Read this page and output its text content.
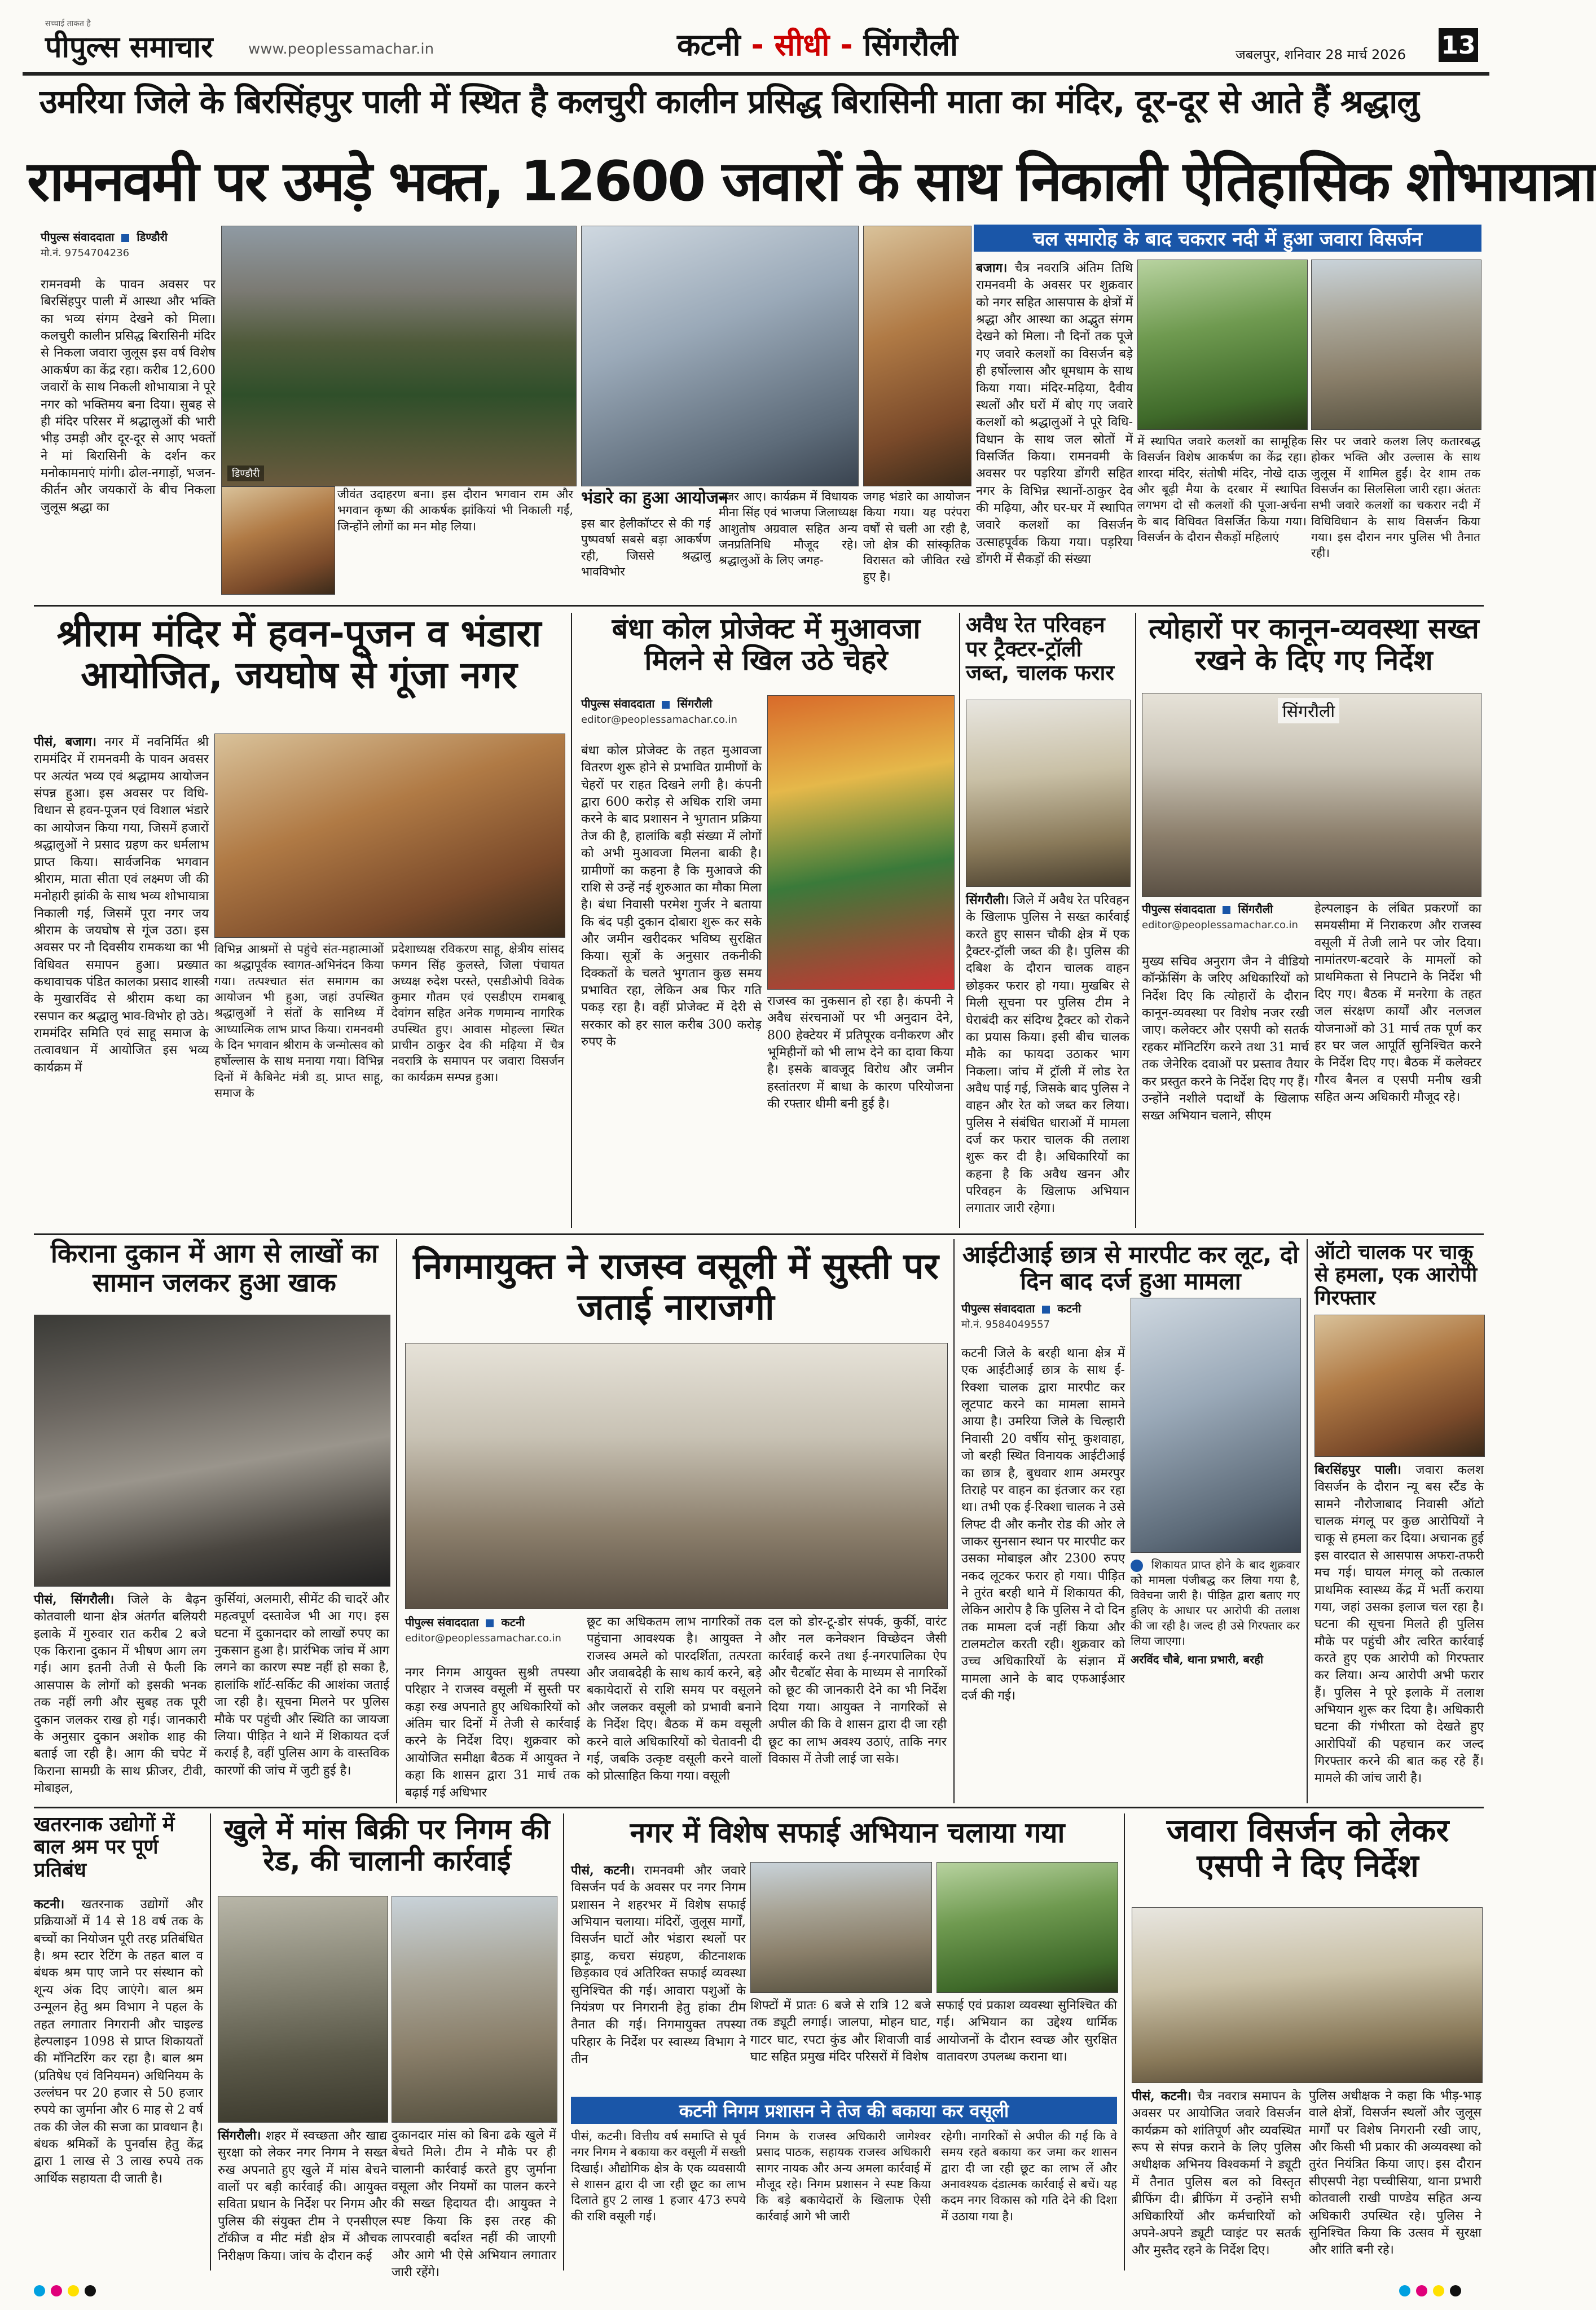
सच्चाई ताकत है
पीपुल्स समाचार www.peoplessamachar.in	कटनी - सीधी - सिंगरौली	जबलपुर, शनिवार 28 मार्च 2026 13
उमरिया जिले के बिरसिंहपुर पाली में स्थित है कलचुरी कालीन प्रसिद्ध बिरासिनी माता का मंदिर, दूर-दूर से आते हैं श्रद्धालु
रामनवमी पर उमड़े भक्त, 12600 जवारों के साथ निकाली ऐतिहासिक शोभायात्रा
पीपुल्स संवाददाता डिण्डौरी
मो.नं. 9754704236
रामनवमी के पावन अवसर पर बिरसिंहपुर पाली में आस्था और भक्ति का भव्य संगम देखने को मिला। कलचुरी कालीन प्रसिद्ध बिरासिनी मंदिर से निकला जवारा जुलूस इस वर्ष विशेष आकर्षण का केंद्र रहा। करीब 12,600 जवारों के साथ निकली शोभायात्रा ने पूरे नगर को भक्तिमय बना दिया। सुबह से ही मंदिर परिसर में श्रद्धालुओं की भारी भीड़ उमड़ी और दूर-दूर से आए भक्तों ने मां बिरासिनी के दर्शन कर मनोकामनाएं मांगी। ढोल-नगाड़ों, भजन-कीर्तन और जयकारों के बीच निकला जुलूस श्रद्धा का
डिण्डौरी
जीवंत उदाहरण बना। इस दौरान भगवान राम और भगवान कृष्ण की आकर्षक झांकियां भी निकाली गईं, जिन्होंने लोगों का मन मोह लिया।
भंडारे का हुआ आयोजन
इस बार हेलीकॉप्टर से की गई पुष्पवर्षा सबसे बड़ा आकर्षण रही, जिससे श्रद्धालु भावविभोर
नजर आए। कार्यक्रम में विधायक मीना सिंह एवं भाजपा जिलाध्यक्ष आशुतोष अग्रवाल सहित अन्य जनप्रतिनिधि मौजूद रहे। श्रद्धालुओं के लिए जगह-
जगह भंडारे का आयोजन किया गया। यह परंपरा वर्षों से चली आ रही है, जो क्षेत्र की सांस्कृतिक विरासत को जीवित रखे हुए है।
चल समारोह के बाद चकरार नदी में हुआ जवारा विसर्जन
बजाग। चैत्र नवरात्रि अंतिम तिथि रामनवमी के अवसर पर शुक्रवार को नगर सहित आसपास के क्षेत्रों में श्रद्धा और आस्था का अद्भुत संगम देखने को मिला। नौ दिनों तक पूजे गए जवारे कलशों का विसर्जन बड़े ही हर्षोल्लास और धूमधाम के साथ किया गया। मंदिर-मढ़िया, दैवीय स्थलों और घरों में बोए गए जवारे कलशों को श्रद्धालुओं ने पूरे विधि-विधान के साथ जल स्रोतों में विसर्जित किया। रामनवमी के अवसर पर पड़रिया डोंगरी सहित नगर के विभिन्न स्थानों-ठाकुर देव की मढ़िया, और घर-घर में स्थापित जवारे कलशों का विसर्जन उत्साहपूर्वक किया गया। पड़रिया डोंगरी में सैकड़ों की संख्या
में स्थापित जवारे कलशों का सामूहिक विसर्जन विशेष आकर्षण का केंद्र रहा। शारदा मंदिर, संतोषी मंदिर, नोखे दाऊ और बूढ़ी मैया के दरबार में स्थापित लगभग दो सौ कलशों की पूजा-अर्चना के बाद विधिवत विसर्जित किया गया। विसर्जन के दौरान सैकड़ों महिलाएं
सिर पर जवारे कलश लिए कतारबद्ध होकर भक्ति और उल्लास के साथ जुलूस में शामिल हुईं। देर शाम तक विसर्जन का सिलसिला जारी रहा। अंततः सभी जवारे कलशों का चकरार नदी में विधिविधान के साथ विसर्जन किया गया। इस दौरान नगर पुलिस भी तैनात रही।
श्रीराम मंदिर में हवन-पूजन व भंडारा आयोजित, जयघोष से गूंजा नगर
पीसं, बजाग। नगर में नवनिर्मित श्री राममंदिर में रामनवमी के पावन अवसर पर अत्यंत भव्य एवं श्रद्धामय आयोजन संपन्न हुआ। इस अवसर पर विधि-विधान से हवन-पूजन एवं विशाल भंडारे का आयोजन किया गया, जिसमें हजारों श्रद्धालुओं ने प्रसाद ग्रहण कर धर्मलाभ प्राप्त किया। सार्वजनिक भगवान श्रीराम, माता सीता एवं लक्ष्मण जी की मनोहारी झांकी के साथ भव्य शोभायात्रा निकाली गई, जिसमें पूरा नगर जय श्रीराम के जयघोष से गूंज उठा। इस अवसर पर नौ दिवसीय रामकथा का भी विधिवत समापन हुआ। प्रख्यात कथावाचक पंडित कालका प्रसाद शास्त्री के मुखारविंद से श्रीराम कथा का रसपान कर श्रद्धालु भाव-विभोर हो उठे। राममंदिर समिति एवं साहू समाज के तत्वावधान में आयोजित इस भव्य कार्यक्रम में
विभिन्न आश्रमों से पहुंचे संत-महात्माओं का श्रद्धापूर्वक स्वागत-अभिनंदन किया गया। तत्पश्चात संत समागम का आयोजन भी हुआ, जहां उपस्थित श्रद्धालुओं ने संतों के सानिध्य में आध्यात्मिक लाभ प्राप्त किया। रामनवमी के दिन भगवान श्रीराम के जन्मोत्सव को हर्षोल्लास के साथ मनाया गया। विभिन्न दिनों में कैबिनेट मंत्री डा्. प्राप्त साहू, समाज के
प्रदेशाध्यक्ष रविकरण साहू, क्षेत्रीय सांसद फग्गन सिंह कुलस्ते, जिला पंचायत अध्यक्ष रुदेश परस्ते, एसडीओपी विवेक कुमार गौतम एवं एसडीएम रामबाबू देवांगन सहित अनेक गणमान्य नागरिक उपस्थित हुए। आवास मोहल्ला स्थित प्राचीन ठाकुर देव की मढ़िया में चैत्र नवरात्रि के समापन पर जवारा विसर्जन का कार्यक्रम सम्पन्न हुआ।
बंधा कोल प्रोजेक्ट में मुआवजा मिलने से खिल उठे चेहरे
पीपुल्स संवाददाता सिंगरौली
editor@peoplessamachar.co.in
बंधा कोल प्रोजेक्ट के तहत मुआवजा वितरण शुरू होने से प्रभावित ग्रामीणों के चेहरों पर राहत दिखने लगी है। कंपनी द्वारा 600 करोड़ से अधिक राशि जमा करने के बाद प्रशासन ने भुगतान प्रक्रिया तेज की है, हालांकि बड़ी संख्या में लोगों को अभी मुआवजा मिलना बाकी है। ग्रामीणों का कहना है कि मुआवजे की राशि से उन्हें नई शुरुआत का मौका मिला है। बंधा निवासी परमेश गुर्जर ने बताया कि बंद पड़ी दुकान दोबारा शुरू कर सके और जमीन खरीदकर भविष्य सुरक्षित किया। सूत्रों के अनुसार तकनीकी दिक्कतों के चलते भुगतान कुछ समय प्रभावित रहा, लेकिन अब फिर गति पकड़ रहा है। वहीं प्रोजेक्ट में देरी से सरकार को हर साल करीब 300 करोड़ रुपए के
राजस्व का नुकसान हो रहा है। कंपनी ने अवैध संरचनाओं पर भी अनुदान देने, 800 हेक्टेयर में प्रतिपूरक वनीकरण और भूमिहीनों को भी लाभ देने का दावा किया है। इसके बावजूद विरोध और जमीन हस्तांतरण में बाधा के कारण परियोजना की रफ्तार धीमी बनी हुई है।
अवैध रेत परिवहन पर ट्रैक्टर-ट्रॉली जब्त, चालक फरार
सिंगरौली। जिले में अवैध रेत परिवहन के खिलाफ पुलिस ने सख्त कार्रवाई करते हुए सासन चौकी क्षेत्र में एक ट्रैक्टर-ट्रॉली जब्त की है। पुलिस की दबिश के दौरान चालक वाहन छोड़कर फरार हो गया। मुखबिर से मिली सूचना पर पुलिस टीम ने घेराबंदी कर संदिग्ध ट्रैक्टर को रोकने का प्रयास किया। इसी बीच चालक मौके का फायदा उठाकर भाग निकला। जांच में ट्रॉली में लोड रेत अवैध पाई गई, जिसके बाद पुलिस ने वाहन और रेत को जब्त कर लिया। पुलिस ने संबंधित धाराओं में मामला दर्ज कर फरार चालक की तलाश शुरू कर दी है। अधिकारियों का कहना है कि अवैध खनन और परिवहन के खिलाफ अभियान लगातार जारी रहेगा।
त्योहारों पर कानून-व्यवस्था सख्त रखने के दिए गए निर्देश
सिंगरौली
पीपुल्स संवाददाता सिंगरौली
editor@peoplessamachar.co.in
मुख्य सचिव अनुराग जैन ने वीडियो कॉन्फ्रेंसिंग के जरिए अधिकारियों को निर्देश दिए कि त्योहारों के दौरान कानून-व्यवस्था पर विशेष नजर रखी जाए। कलेक्टर और एसपी को सतर्क रहकर मॉनिटरिंग करने तथा 31 मार्च तक जेनेरिक दवाओं पर प्रस्ताव तैयार कर प्रस्तुत करने के निर्देश दिए गए हैं। उन्होंने नशीले पदार्थों के खिलाफ सख्त अभियान चलाने, सीएम
हेल्पलाइन के लंबित प्रकरणों का समयसीमा में निराकरण और राजस्व वसूली में तेजी लाने पर जोर दिया। नामांतरण-बटवारे के मामलों को प्राथमिकता से निपटाने के निर्देश भी दिए गए। बैठक में मनरेगा के तहत जल संरक्षण कार्यों और नलजल योजनाओं को 31 मार्च तक पूर्ण कर हर घर जल आपूर्ति सुनिश्चित करने के निर्देश दिए गए। बैठक में कलेक्टर गौरव बैनल व एसपी मनीष खत्री सहित अन्य अधिकारी मौजूद रहे।
किराना दुकान में आग से लाखों का सामान जलकर हुआ खाक
पीसं, सिंगरौली। जिले के बैढ़न कोतवाली थाना क्षेत्र अंतर्गत बलियरी इलाके में गुरुवार रात करीब 2 बजे एक किराना दुकान में भीषण आग लग गई। आग इतनी तेजी से फैली कि आसपास के लोगों को इसकी भनक तक नहीं लगी और सुबह तक पूरी दुकान जलकर राख हो गई। जानकारी के अनुसार दुकान अशोक शाह की बताई जा रही है। आग की चपेट में किराना सामग्री के साथ फ्रीजर, टीवी, मोबाइल,
कुर्सियां, अलमारी, सीमेंट की चादरें और महत्वपूर्ण दस्तावेज भी आ गए। इस घटना में दुकानदार को लाखों रुपए का नुकसान हुआ है। प्रारंभिक जांच में आग लगने का कारण स्पष्ट नहीं हो सका है, हालांकि शॉर्ट-सर्किट की आशंका जताई जा रही है। सूचना मिलने पर पुलिस मौके पर पहुंची और स्थिति का जायजा लिया। पीड़ित ने थाने में शिकायत दर्ज कराई है, वहीं पुलिस आग के वास्तविक कारणों की जांच में जुटी हुई है।
निगमायुक्त ने राजस्व वसूली में सुस्ती पर जताई नाराजगी
पीपुल्स संवाददाता कटनी
editor@peoplessamachar.co.in
नगर निगम आयुक्त सुश्री तपस्या परिहार ने राजस्व वसूली में सुस्ती पर कड़ा रुख अपनाते हुए अधिकारियों को अंतिम चार दिनों में तेजी से कार्रवाई करने के निर्देश दिए। शुक्रवार को आयोजित समीक्षा बैठक में आयुक्त ने कहा कि शासन द्वारा 31 मार्च तक बढ़ाई गई अधिभार
छूट का अधिकतम लाभ नागरिकों तक पहुंचाना आवश्यक है। आयुक्त ने राजस्व अमले को पारदर्शिता, तत्परता और जवाबदेही के साथ कार्य करने, बड़े बकायेदारों से राशि समय पर वसूलने और जलकर वसूली को प्रभावी बनाने के निर्देश दिए। बैठक में कम वसूली करने वाले अधिकारियों को चेतावनी दी गई, जबकि उत्कृष्ट वसूली करने वालों को प्रोत्साहित किया गया। वसूली
दल को डोर-टू-डोर संपर्क, कुर्की, वारंट और नल कनेक्शन विच्छेदन जैसी कार्रवाई करने तथा ई-नगरपालिका ऐप और चैटबॉट सेवा के माध्यम से नागरिकों को छूट की जानकारी देने का भी निर्देश दिया गया। आयुक्त ने नागरिकों से अपील की कि वे शासन द्वारा दी जा रही छूट का लाभ अवश्य उठाएं, ताकि नगर विकास में तेजी लाई जा सके।
आईटीआई छात्र से मारपीट कर लूट, दो दिन बाद दर्ज हुआ मामला
पीपुल्स संवाददाता कटनी
मो.नं. 9584049557
कटनी जिले के बरही थाना क्षेत्र में एक आईटीआई छात्र के साथ ई-रिक्शा चालक द्वारा मारपीट कर लूटपाट करने का मामला सामने आया है। उमरिया जिले के चिल्हारी निवासी 20 वर्षीय सोनू कुशवाहा, जो बरही स्थित विनायक आईटीआई का छात्र है, बुधवार शाम अमरपुर तिराहे पर वाहन का इंतजार कर रहा था। तभी एक ई-रिक्शा चालक ने उसे लिफ्ट दी और कनौर रोड की ओर ले जाकर सुनसान स्थान पर मारपीट कर उसका मोबाइल और 2300 रुपए नकद लूटकर फरार हो गया। पीड़ित ने तुरंत बरही थाने में शिकायत की, लेकिन आरोप है कि पुलिस ने दो दिन तक मामला दर्ज नहीं किया और टालमटोल करती रही। शुक्रवार को उच्च अधिकारियों के संज्ञान में मामला आने के बाद एफआईआर दर्ज की गई।
शिकायत प्राप्त होने के बाद शुक्रवार को मामला पंजीबद्ध कर लिया गया है, विवेचना जारी है। पीड़ित द्वारा बताए गए हुलिए के आधार पर आरोपी की तलाश की जा रही है। जल्द ही उसे गिरफ्तार कर लिया जाएगा।
अरविंद चौबे, थाना प्रभारी, बरही
ऑटो चालक पर चाकू से हमला, एक आरोपी गिरफ्तार
बिरसिंहपुर पाली। जवारा कलश विसर्जन के दौरान न्यू बस स्टैंड के सामने नौरोजाबाद निवासी ऑटो चालक मंगलू पर कुछ आरोपियों ने चाकू से हमला कर दिया। अचानक हुई इस वारदात से आसपास अफरा-तफरी मच गई। घायल मंगलू को तत्काल प्राथमिक स्वास्थ्य केंद्र में भर्ती कराया गया, जहां उसका इलाज चल रहा है। घटना की सूचना मिलते ही पुलिस मौके पर पहुंची और त्वरित कार्रवाई करते हुए एक आरोपी को गिरफ्तार कर लिया। अन्य आरोपी अभी फरार हैं। पुलिस ने पूरे इलाके में तलाश अभियान शुरू कर दिया है। अधिकारी घटना की गंभीरता को देखते हुए आरोपियों की पहचान कर जल्द गिरफ्तार करने की बात कह रहे हैं। मामले की जांच जारी है।
खतरनाक उद्योगों में बाल श्रम पर पूर्ण प्रतिबंध
कटनी। खतरनाक उद्योगों और प्रक्रियाओं में 14 से 18 वर्ष तक के बच्चों का नियोजन पूरी तरह प्रतिबंधित है। श्रम स्टार रेटिंग के तहत बाल व बंधक श्रम पाए जाने पर संस्थान को शून्य अंक दिए जाएंगे। बाल श्रम उन्मूलन हेतु श्रम विभाग ने पहल के तहत लगातार निगरानी और चाइल्ड हेल्पलाइन 1098 से प्राप्त शिकायतों की मॉनिटरिंग कर रहा है। बाल श्रम (प्रतिषेध एवं विनियमन) अधिनियम के उल्लंघन पर 20 हजार से 50 हजार रुपये का जुर्माना और 6 माह से 2 वर्ष तक की जेल की सजा का प्रावधान है। बंधक श्रमिकों के पुनर्वास हेतु केंद्र द्वारा 1 लाख से 3 लाख रुपये तक आर्थिक सहायता दी जाती है।
खुले में मांस बिक्री पर निगम की रेड, की चालानी कार्रवाई
सिंगरौली। शहर में स्वच्छता और खाद्य सुरक्षा को लेकर नगर निगम ने सख्त रुख अपनाते हुए खुले में मांस बेचने वालों पर बड़ी कार्रवाई की। आयुक्त सविता प्रधान के निर्देश पर निगम और पुलिस की संयुक्त टीम ने एनसीएल टॉकीज व मीट मंडी क्षेत्र में औचक निरीक्षण किया। जांच के दौरान कई
दुकानदार मांस को बिना ढके खुले में बेचते मिले। टीम ने मौके पर ही चालानी कार्रवाई करते हुए जुर्माना वसूला और नियमों का पालन करने की सख्त हिदायत दी। आयुक्त ने स्पष्ट किया कि इस तरह की लापरवाही बर्दाश्त नहीं की जाएगी और आगे भी ऐसे अभियान लगातार जारी रहेंगे।
नगर में विशेष सफाई अभियान चलाया गया
पीसं, कटनी। रामनवमी और जवारे विसर्जन पर्व के अवसर पर नगर निगम प्रशासन ने शहरभर में विशेष सफाई अभियान चलाया। मंदिरों, जुलूस मार्गों, विसर्जन घाटों और भंडारा स्थलों पर झाड़ू, कचरा संग्रहण, कीटनाशक छिड़काव एवं अतिरिक्त सफाई व्यवस्था सुनिश्चित की गई। आवारा पशुओं के नियंत्रण पर निगरानी हेतु हांका टीम तैनात की गई। निगमायुक्त तपस्या परिहार के निर्देश पर स्वास्थ्य विभाग ने तीन
शिफ्टों में प्रातः 6 बजे से रात्रि 12 बजे तक ड्यूटी लगाई। जालपा, मोहन घाट, गाटर घाट, रपटा कुंड और शिवाजी वार्ड घाट सहित प्रमुख मंदिर परिसरों में विशेष
सफाई एवं प्रकाश व्यवस्था सुनिश्चित की गई। अभियान का उद्देश्य धार्मिक आयोजनों के दौरान स्वच्छ और सुरक्षित वातावरण उपलब्ध कराना था।
कटनी निगम प्रशासन ने तेज की बकाया कर वसूली
पीसं, कटनी। वित्तीय वर्ष समाप्ति से पूर्व नगर निगम ने बकाया कर वसूली में सख्ती दिखाई। औद्योगिक क्षेत्र के एक व्यवसायी से शासन द्वारा दी जा रही छूट का लाभ दिलाते हुए 2 लाख 1 हजार 473 रुपये की राशि वसूली गई।
निगम के राजस्व अधिकारी जागेश्वर प्रसाद पाठक, सहायक राजस्व अधिकारी सागर नायक और अन्य अमला कार्रवाई में मौजूद रहे। निगम प्रशासन ने स्पष्ट किया कि बड़े बकायेदारों के खिलाफ ऐसी कार्रवाई आगे भी जारी
रहेगी। नागरिकों से अपील की गई कि वे समय रहते बकाया कर जमा कर शासन द्वारा दी जा रही छूट का लाभ लें और अनावश्यक दंडात्मक कार्रवाई से बचें। यह कदम नगर विकास को गति देने की दिशा में उठाया गया है।
जवारा विसर्जन को लेकर एसपी ने दिए निर्देश
पीसं, कटनी। चैत्र नवरात्र समापन के अवसर पर आयोजित जवारे विसर्जन कार्यक्रम को शांतिपूर्ण और व्यवस्थित रूप से संपन्न कराने के लिए पुलिस अधीक्षक अभिनय विश्वकर्मा ने ड्यूटी में तैनात पुलिस बल को विस्तृत ब्रीफिंग दी। ब्रीफिंग में उन्होंने सभी अधिकारियों और कर्मचारियों को अपने-अपने ड्यूटी प्वाइंट पर सतर्क और मुस्तैद रहने के निर्देश दिए।
पुलिस अधीक्षक ने कहा कि भीड़-भाड़ वाले क्षेत्रों, विसर्जन स्थलों और जुलूस मार्गों पर विशेष निगरानी रखी जाए, और किसी भी प्रकार की अव्यवस्था को तुरंत नियंत्रित किया जाए। इस दौरान सीएसपी नेहा पच्चीसिया, थाना प्रभारी कोतवाली राखी पाण्डेय सहित अन्य अधिकारी उपस्थित रहे। पुलिस ने सुनिश्चित किया कि उत्सव में सुरक्षा और शांति बनी रहे।
